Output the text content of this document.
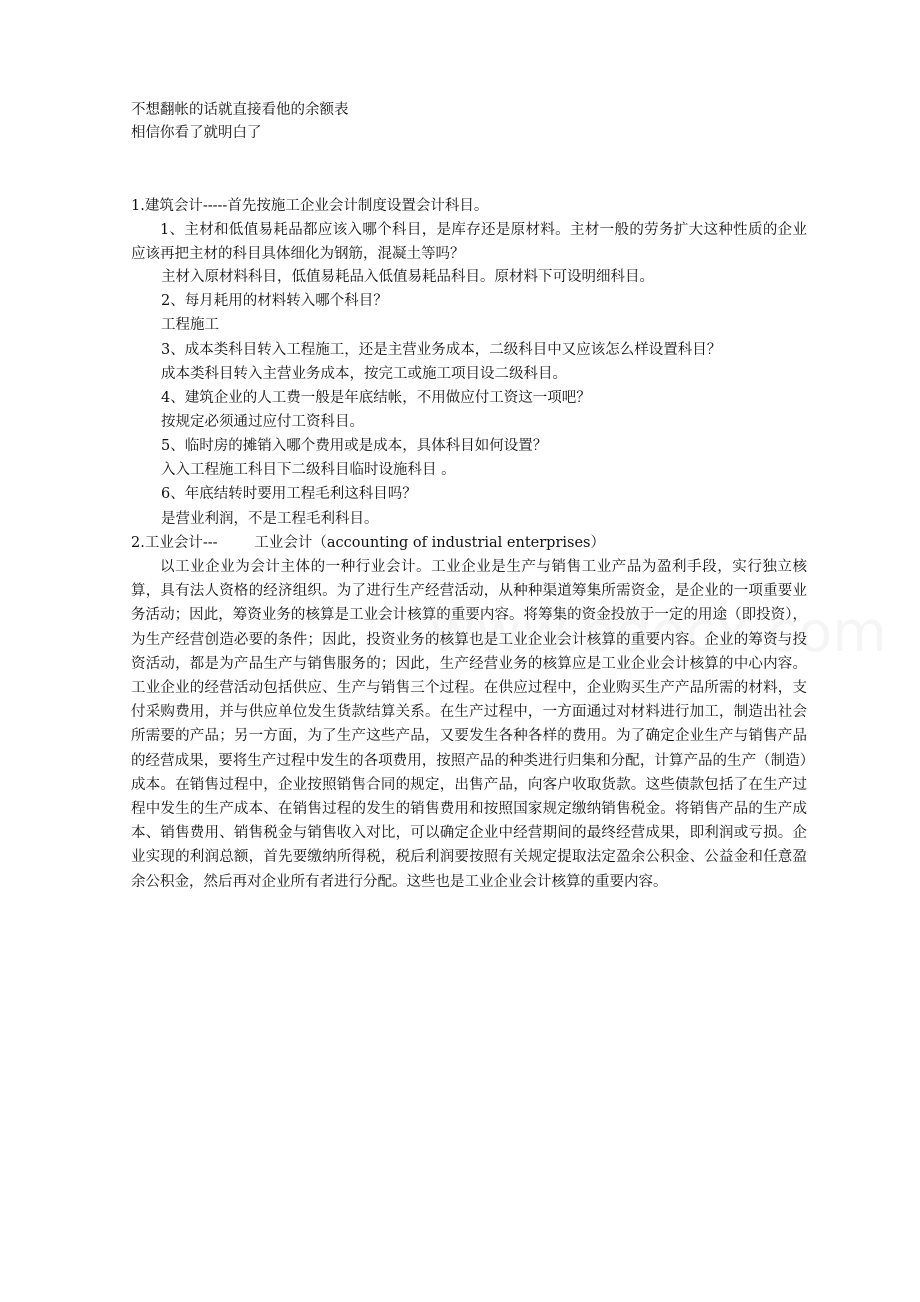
不想翻帐的话就直接看他的余额表
相信你看了就明白了
1.建筑会计-----首先按施工企业会计制度设置会计科目。
1、主材和低值易耗品都应该入哪个科目，是库存还是原材料。主材一般的劳务扩大这种性质的企业应该再把主材的科目具体细化为钢筋，混凝土等吗？
主材入原材料科目，低值易耗品入低值易耗品科目。原材料下可设明细科目。
2、每月耗用的材料转入哪个科目？
工程施工
3、成本类科目转入工程施工，还是主营业务成本，二级科目中又应该怎么样设置科目？
成本类科目转入主营业务成本，按完工或施工项目设二级科目。
4、建筑企业的人工费一般是年底结帐，不用做应付工资这一项吧？
按规定必须通过应付工资科目。
5、临时房的摊销入哪个费用或是成本，具体科目如何设置？
入入工程施工科目下二级科目临时设施科目 。
6、年底结转时要用工程毛利这科目吗？
是营业利润，不是工程毛利科目。
2.工业会计---        工业会计（accounting of industrial enterprises）
以工业企业为会计主体的一种行业会计。工业企业是生产与销售工业产品为盈利手段，实行独立核算，具有法人资格的经济组织。为了进行生产经营活动，从种种渠道筹集所需资金，是企业的一项重要业务活动；因此，筹资业务的核算是工业会计核算的重要内容。将筹集的资金投放于一定的用途（即投资），为生产经营创造必要的条件；因此，投资业务的核算也是工业企业会计核算的重要内容。企业的筹资与投资活动，都是为产品生产与销售服务的；因此，生产经营业务的核算应是工业企业会计核算的中心内容。工业企业的经营活动包括供应、生产与销售三个过程。在供应过程中，企业购买生产产品所需的材料，支付采购费用，并与供应单位发生货款结算关系。在生产过程中，一方面通过对材料进行加工，制造出社会所需要的产品；另一方面，为了生产这些产品，又要发生各种各样的费用。为了确定企业生产与销售产品的经营成果，要将生产过程中发生的各项费用，按照产品的种类进行归集和分配，计算产品的生产（制造）成本。在销售过程中，企业按照销售合同的规定，出售产品，向客户收取货款。这些债款包括了在生产过程中发生的生产成本、在销售过程的发生的销售费用和按照国家规定缴纳销售税金。将销售产品的生产成本、销售费用、销售税金与销售收入对比，可以确定企业中经营期间的最终经营成果，即利润或亏损。企业实现的利润总额，首先要缴纳所得税，税后利润要按照有关规定提取法定盈余公积金、公益金和任意盈余公积金，然后再对企业所有者进行分配。这些也是工业企业会计核算的重要内容。
